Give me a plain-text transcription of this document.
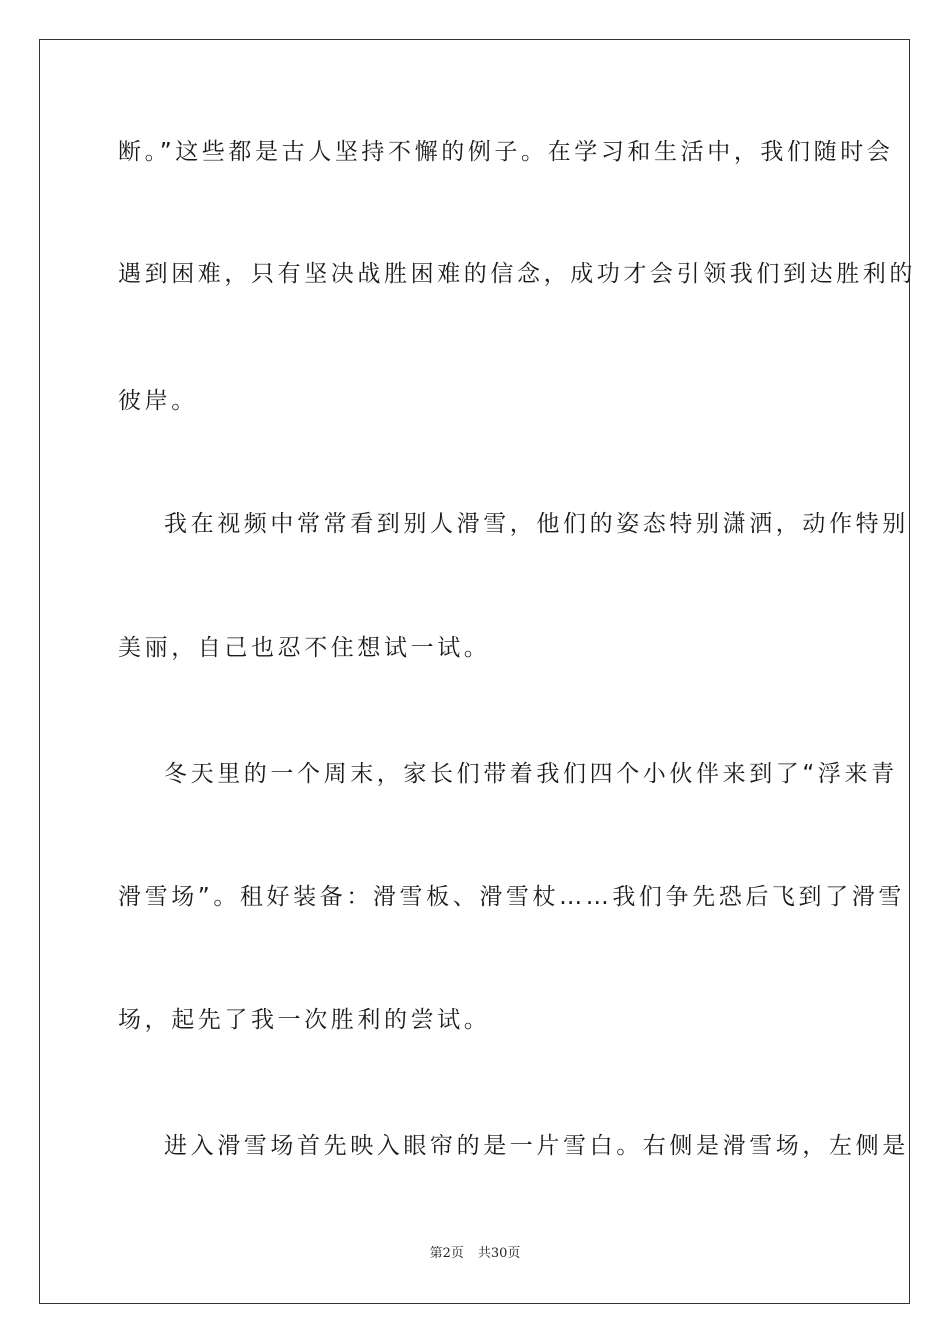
断。”这些都是古人坚持不懈的例子。在学习和生活中，我们随时会
遇到困难，只有坚决战胜困难的信念，成功才会引领我们到达胜利的
彼岸。
我在视频中常常看到别人滑雪，他们的姿态特别潇洒，动作特别
美丽，自己也忍不住想试一试。
冬天里的一个周末，家长们带着我们四个小伙伴来到了“浮来青
滑雪场”。租好装备：滑雪板、滑雪杖……我们争先恐后飞到了滑雪
场，起先了我一次胜利的尝试。
进入滑雪场首先映入眼帘的是一片雪白。右侧是滑雪场，左侧是
第2页 共30页
